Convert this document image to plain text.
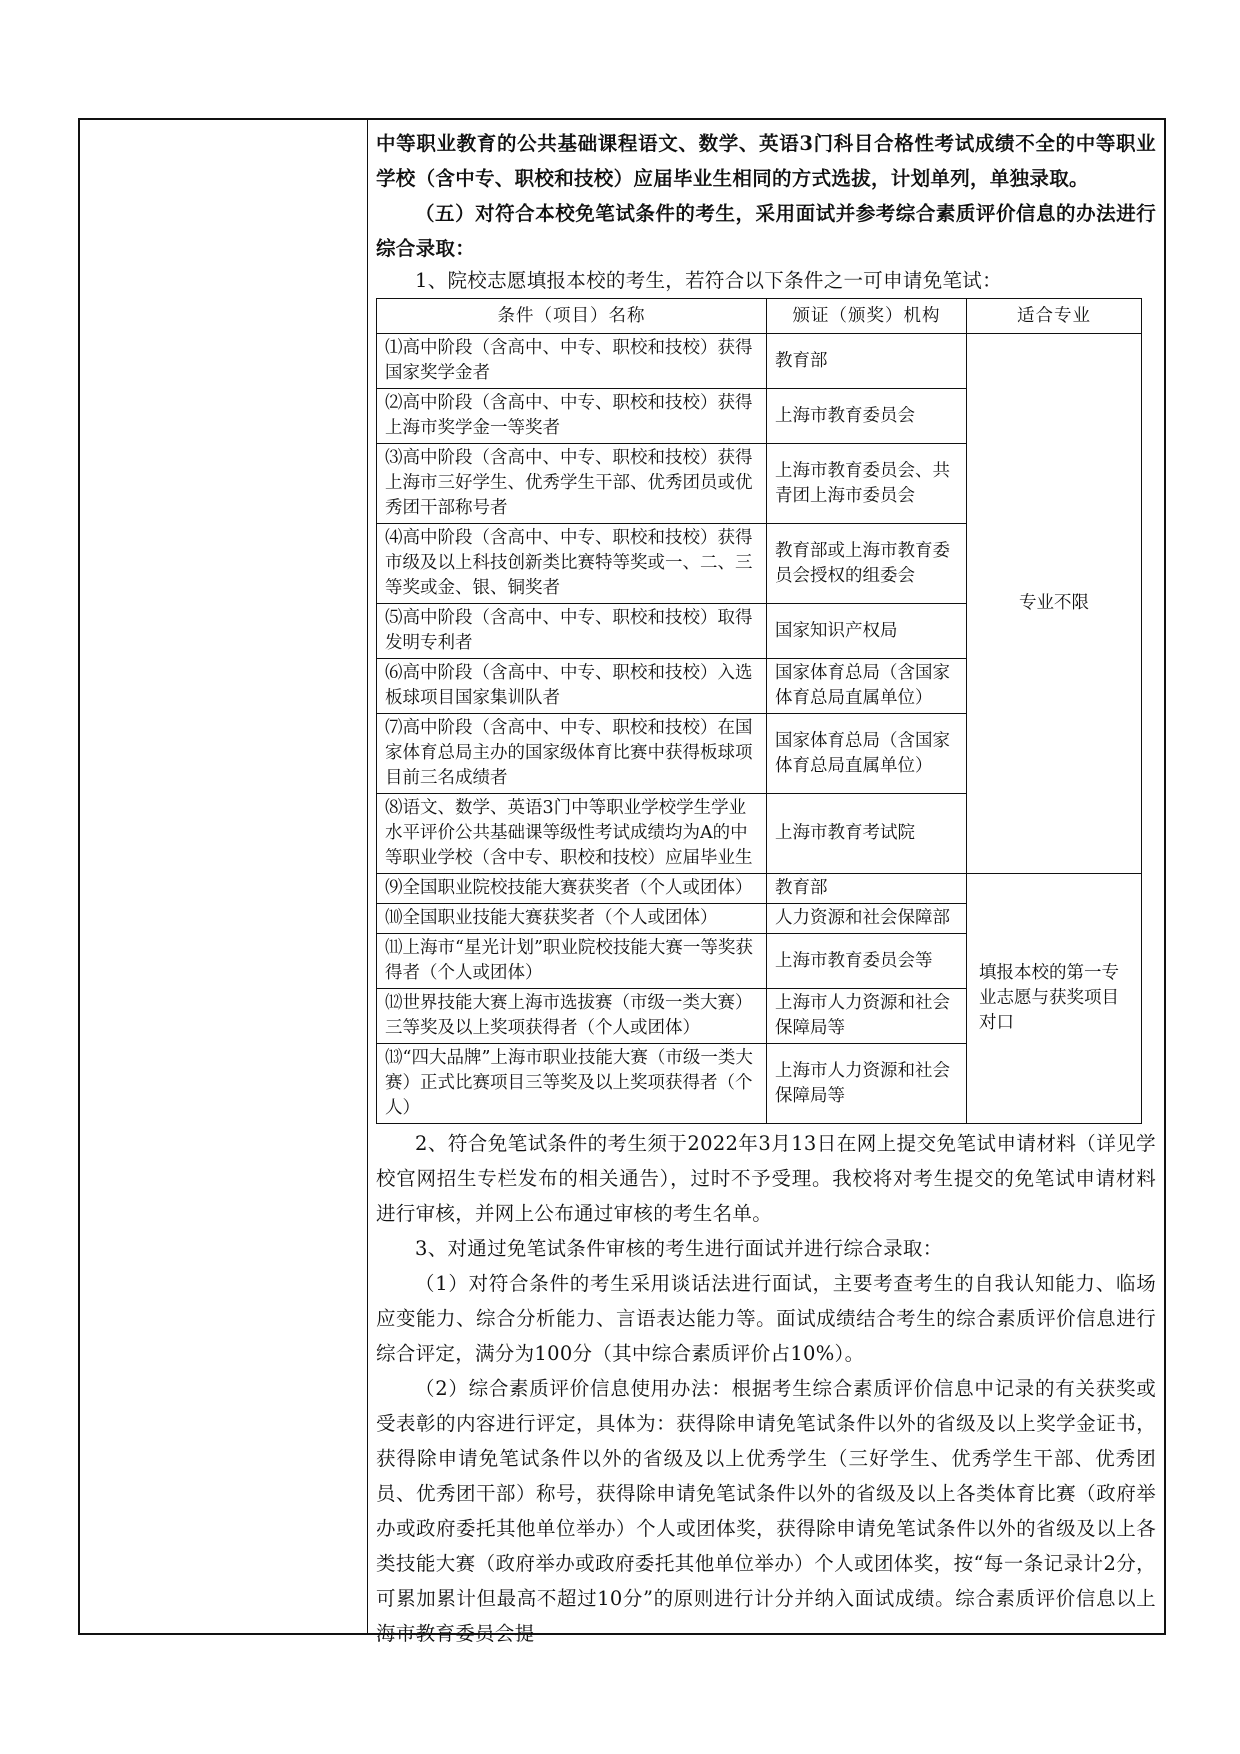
中等职业教育的公共基础课程语文、数学、英语3门科目合格性考试成绩不全的中等职业学校（含中专、职校和技校）应届毕业生相同的方式选拔，计划单列，单独录取。

（五）对符合本校免笔试条件的考生，采用面试并参考综合素质评价信息的办法进行综合录取：

1、院校志愿填报本校的考生，若符合以下条件之一可申请免笔试：

条件（项目）名称	颁证（颁奖）机构	适合专业
⑴高中阶段（含高中、中专、职校和技校）获得国家奖学金者	教育部	专业不限
⑵高中阶段（含高中、中专、职校和技校）获得上海市奖学金一等奖者	上海市教育委员会	
⑶高中阶段（含高中、中专、职校和技校）获得上海市三好学生、优秀学生干部、优秀团员或优秀团干部称号者	上海市教育委员会、共青团上海市委员会	
⑷高中阶段（含高中、中专、职校和技校）获得市级及以上科技创新类比赛特等奖或一、二、三等奖或金、银、铜奖者	教育部或上海市教育委员会授权的组委会	
⑸高中阶段（含高中、中专、职校和技校）取得发明专利者	国家知识产权局	
⑹高中阶段（含高中、中专、职校和技校）入选板球项目国家集训队者	国家体育总局（含国家体育总局直属单位）	
⑺高中阶段（含高中、中专、职校和技校）在国家体育总局主办的国家级体育比赛中获得板球项目前三名成绩者	国家体育总局（含国家体育总局直属单位）	
⑻语文、数学、英语3门中等职业学校学生学业水平评价公共基础课等级性考试成绩均为A的中等职业学校（含中专、职校和技校）应届毕业生	上海市教育考试院	
⑼全国职业院校技能大赛获奖者（个人或团体）	教育部	填报本校的第一专业志愿与获奖项目对口
⑽全国职业技能大赛获奖者（个人或团体）	人力资源和社会保障部	
⑾上海市“星光计划”职业院校技能大赛一等奖获得者（个人或团体）	上海市教育委员会等	
⑿世界技能大赛上海市选拔赛（市级一类大赛）三等奖及以上奖项获得者（个人或团体）	上海市人力资源和社会保障局等	
⒀“四大品牌”上海市职业技能大赛（市级一类大赛）正式比赛项目三等奖及以上奖项获得者（个人）	上海市人力资源和社会保障局等	

2、符合免笔试条件的考生须于2022年3月13日在网上提交免笔试申请材料（详见学校官网招生专栏发布的相关通告），过时不予受理。我校将对考生提交的免笔试申请材料进行审核，并网上公布通过审核的考生名单。

3、对通过免笔试条件审核的考生进行面试并进行综合录取：

（1）对符合条件的考生采用谈话法进行面试，主要考查考生的自我认知能力、临场应变能力、综合分析能力、言语表达能力等。面试成绩结合考生的综合素质评价信息进行综合评定，满分为100分（其中综合素质评价占10%）。

（2）综合素质评价信息使用办法：根据考生综合素质评价信息中记录的有关获奖或受表彰的内容进行评定，具体为：获得除申请免笔试条件以外的省级及以上奖学金证书，获得除申请免笔试条件以外的省级及以上优秀学生（三好学生、优秀学生干部、优秀团员、优秀团干部）称号，获得除申请免笔试条件以外的省级及以上各类体育比赛（政府举办或政府委托其他单位举办）个人或团体奖，获得除申请免笔试条件以外的省级及以上各类技能大赛（政府举办或政府委托其他单位举办）个人或团体奖，按“每一条记录计2分，可累加累计但最高不超过10分”的原则进行计分并纳入面试成绩。综合素质评价信息以上海市教育委员会提
